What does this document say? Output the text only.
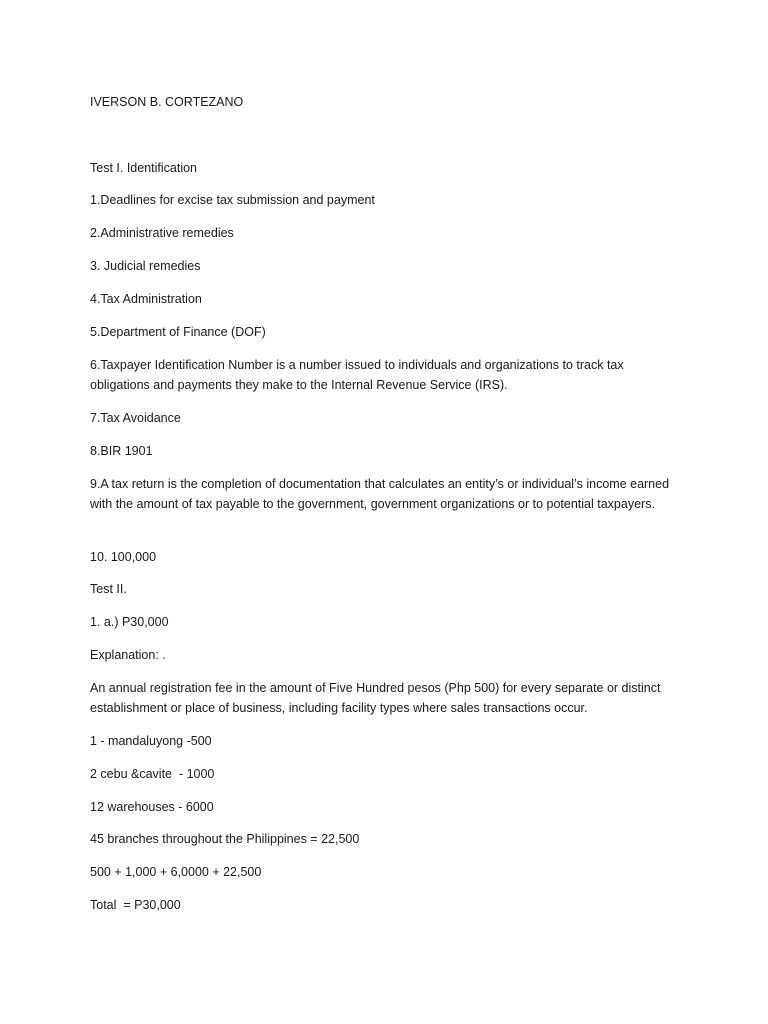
IVERSON B. CORTEZANO

Test I. Identification

1.Deadlines for excise tax submission and payment

2.Administrative remedies

3. Judicial remedies

4.Tax Administration

5.Department of Finance (DOF)

6.Taxpayer Identification Number is a number issued to individuals and organizations to track tax obligations and payments they make to the Internal Revenue Service (IRS).

7.Tax Avoidance

8.BIR 1901

9.A tax return is the completion of documentation that calculates an entity’s or individual’s income earned with the amount of tax payable to the government, government organizations or to potential taxpayers.

10. 100,000

Test II.

1. a.) P30,000

Explanation: .

An annual registration fee in the amount of Five Hundred pesos (Php 500) for every separate or distinct establishment or place of business, including facility types where sales transactions occur.

1 - mandaluyong -500

2 cebu &cavite  - 1000

12 warehouses - 6000

45 branches throughout the Philippines = 22,500

500 + 1,000 + 6,0000 + 22,500

Total  = P30,000
